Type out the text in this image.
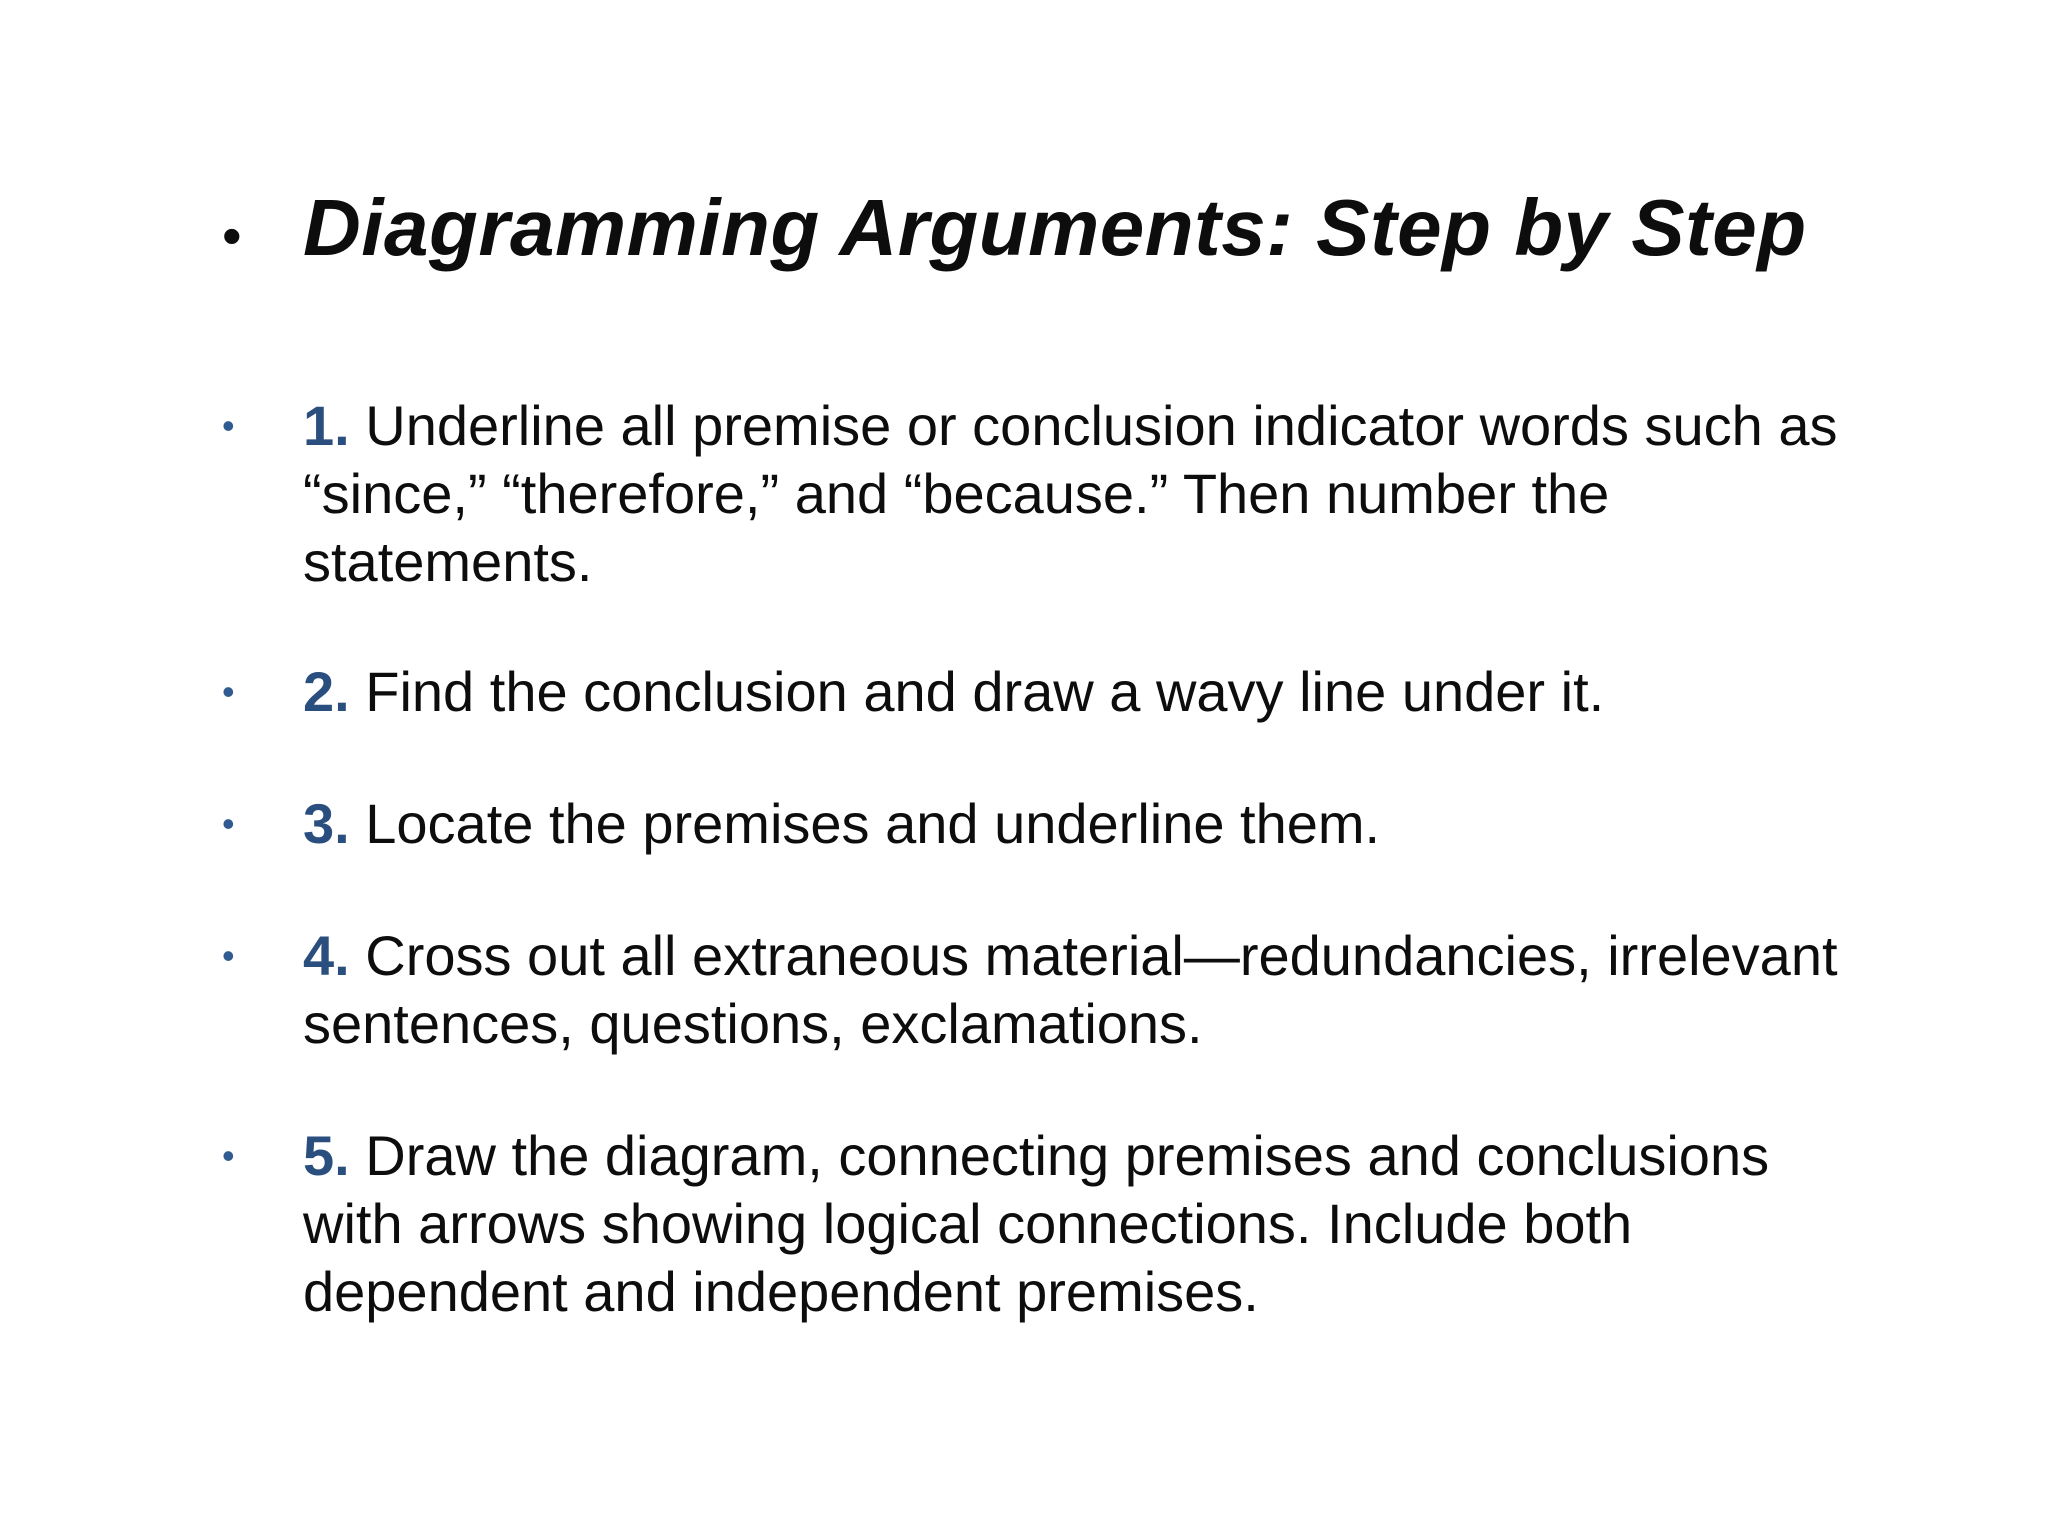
• Diagramming Arguments: Step by Step
•	1. Underline all premise or conclusion indicator words such as “since,” “therefore,” and “because.” Then number the statements.
•	2. Find the conclusion and draw a wavy line under it.
•	3. Locate the premises and underline them.
•	4. Cross out all extraneous material—redundancies, irrelevant sentences, questions, exclamations.
•	5. Draw the diagram, connecting premises and conclusions with arrows showing logical connections. Include both dependent and independent premises.
